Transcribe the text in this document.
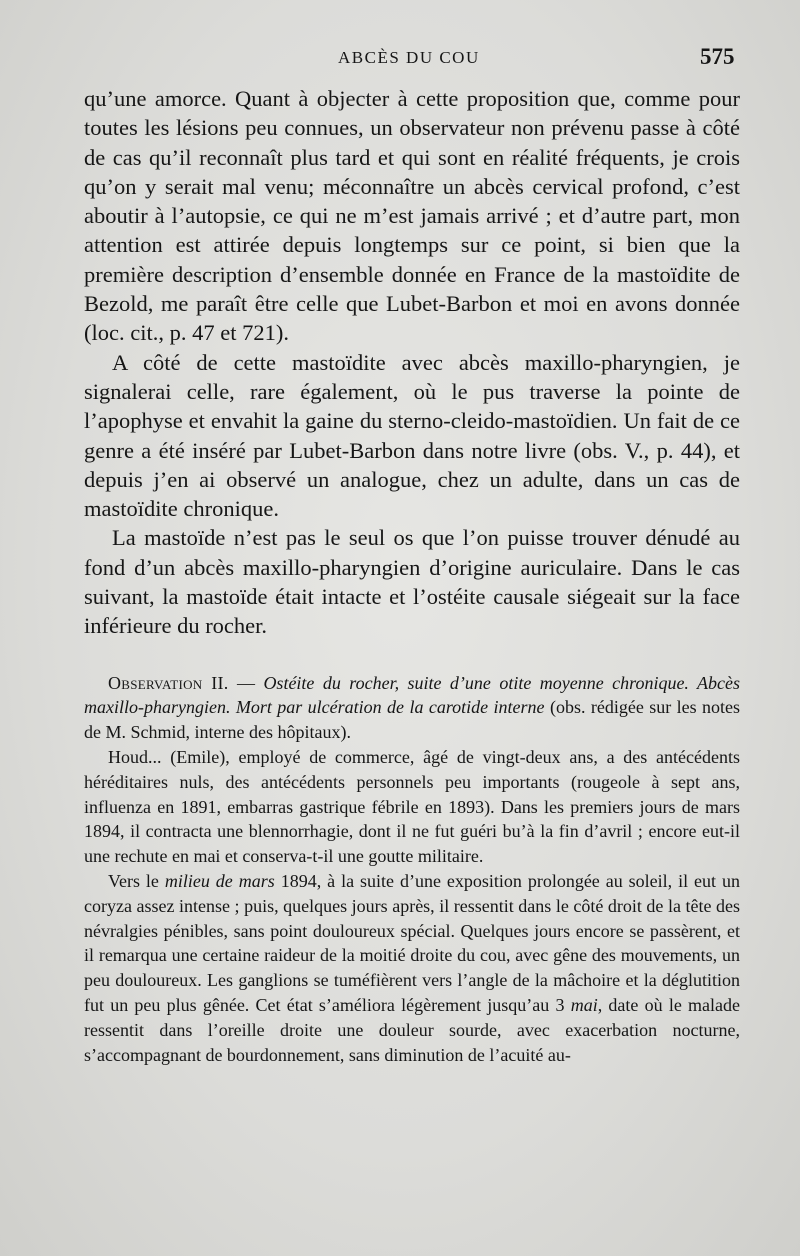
ABCÈS DU COU	575

qu’une amorce. Quant à objecter à cette proposition que, comme pour toutes les lésions peu connues, un observateur non prévenu passe à côté de cas qu’il reconnaît plus tard et qui sont en réalité fréquents, je crois qu’on y serait mal venu; méconnaître un abcès cervical profond, c’est aboutir à l’autopsie, ce qui ne m’est jamais arrivé ; et d’autre part, mon attention est attirée depuis longtemps sur ce point, si bien que la première description d’ensemble donnée en France de la mastoïdite de Bezold, me paraît être celle que Lubet-Barbon et moi en avons donnée (loc. cit., p. 47 et 721).

A côté de cette mastoïdite avec abcès maxillo-pharyngien, je signalerai celle, rare également, où le pus traverse la pointe de l’apophyse et envahit la gaine du sterno-cleido-mastoïdien. Un fait de ce genre a été inséré par Lubet-Barbon dans notre livre (obs. V., p. 44), et depuis j’en ai observé un analogue, chez un adulte, dans un cas de mastoïdite chronique.

La mastoïde n’est pas le seul os que l’on puisse trouver dénudé au fond d’un abcès maxillo-pharyngien d’origine auriculaire. Dans le cas suivant, la mastoïde était intacte et l’ostéite causale siégeait sur la face inférieure du rocher.

Observation II. — Ostéite du rocher, suite d’une otite moyenne chronique. Abcès maxillo-pharyngien. Mort par ulcération de la carotide interne (obs. rédigée sur les notes de M. Schmid, interne des hôpitaux).

Houd... (Emile), employé de commerce, âgé de vingt-deux ans, a des antécédents héréditaires nuls, des antécédents personnels peu importants (rougeole à sept ans, influenza en 1891, embarras gastrique fébrile en 1893). Dans les premiers jours de mars 1894, il contracta une blennorrhagie, dont il ne fut guéri bu’à la fin d’avril ; encore eut-il une rechute en mai et conserva-t-il une goutte militaire.

Vers le milieu de mars 1894, à la suite d’une exposition prolongée au soleil, il eut un coryza assez intense ; puis, quelques jours après, il ressentit dans le côté droit de la tête des névralgies pénibles, sans point douloureux spécial. Quelques jours encore se passèrent, et il remarqua une certaine raideur de la moitié droite du cou, avec gêne des mouvements, un peu douloureux. Les ganglions se tuméfièrent vers l’angle de la mâchoire et la déglutition fut un peu plus gênée. Cet état s’améliora légèrement jusqu’au 3 mai, date où le malade ressentit dans l’oreille droite une douleur sourde, avec exacerbation nocturne, s’accompagnant de bourdonnement, sans diminution de l’acuité au-
